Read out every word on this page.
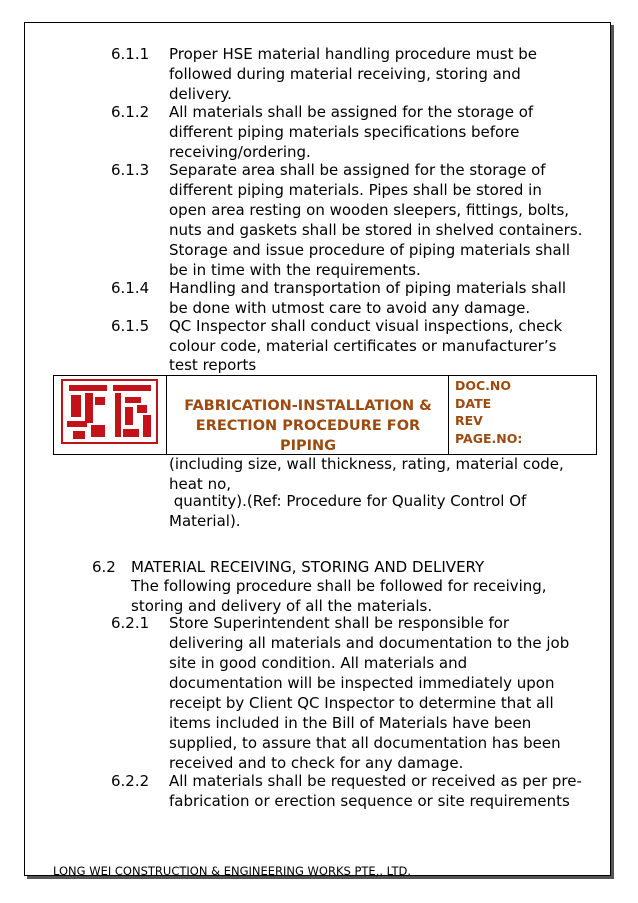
6.1.1 Proper HSE material handling procedure must be
followed during material receiving, storing and
delivery.
6.1.2 All materials shall be assigned for the storage of
different piping materials specifications before
receiving/ordering.
6.1.3 Separate area shall be assigned for the storage of
different piping materials. Pipes shall be stored in
open area resting on wooden sleepers, fittings, bolts,
nuts and gaskets shall be stored in shelved containers.
Storage and issue procedure of piping materials shall
be in time with the requirements.
6.1.4 Handling and transportation of piping materials shall
be done with utmost care to avoid any damage.
6.1.5 QC Inspector shall conduct visual inspections, check
colour code, material certificates or manufacturer’s
test reports
FABRICATION-INSTALLATION & ERECTION PROCEDURE FOR PIPING
DOC.NO
DATE
REV
PAGE.NO:
(including size, wall thickness, rating, material code,
heat no,
quantity).(Ref: Procedure for Quality Control Of
Material).
6.2 MATERIAL RECEIVING, STORING AND DELIVERY
The following procedure shall be followed for receiving,
storing and delivery of all the materials.
6.2.1 Store Superintendent shall be responsible for
delivering all materials and documentation to the job
site in good condition. All materials and
documentation will be inspected immediately upon
receipt by Client QC Inspector to determine that all
items included in the Bill of Materials have been
supplied, to assure that all documentation has been
received and to check for any damage.
6.2.2 All materials shall be requested or received as per pre-
fabrication or erection sequence or site requirements
LONG WEI CONSTRUCTION & ENGINEERING WORKS PTE,. LTD.
